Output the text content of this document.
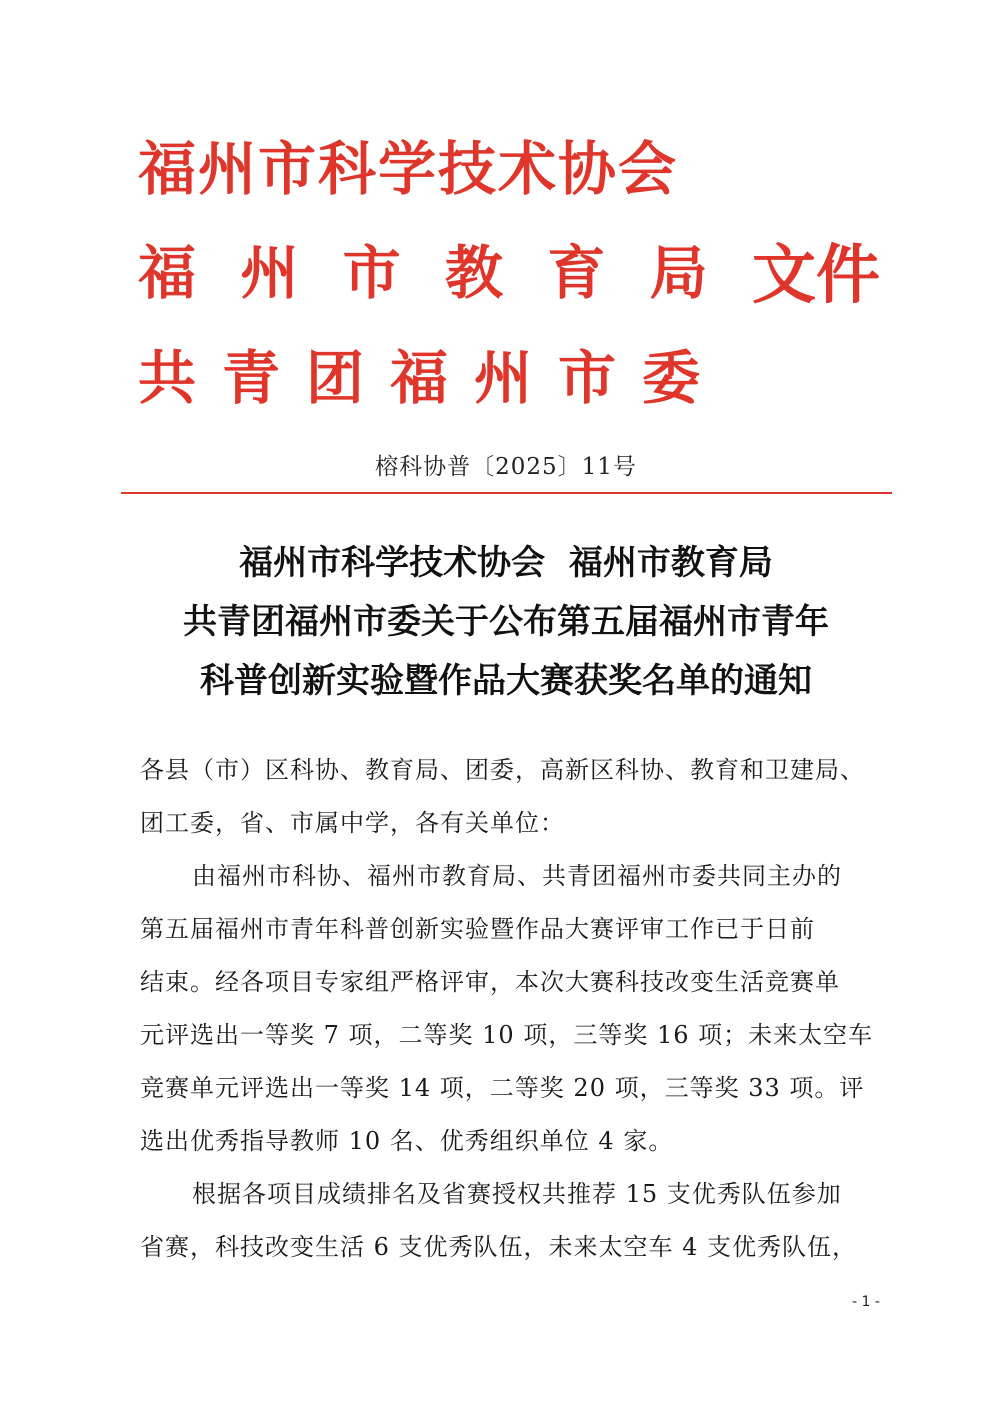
福州市科学技术协会
福 州 市 教 育 局 文件
共青团福州市委
榕科协普〔2025〕11号
福州市科学技术协会  福州市教育局
共青团福州市委关于公布第五届福州市青年
科普创新实验暨作品大赛获奖名单的通知
各县（市）区科协、教育局、团委，高新区科协、教育和卫建局、
团工委，省、市属中学，各有关单位：
由福州市科协、福州市教育局、共青团福州市委共同主办的
第五届福州市青年科普创新实验暨作品大赛评审工作已于日前
结束。经各项目专家组严格评审，本次大赛科技改变生活竞赛单
元评选出一等奖 7 项，二等奖 10 项，三等奖 16 项；未来太空车
竞赛单元评选出一等奖 14 项，二等奖 20 项，三等奖 33 项。评
选出优秀指导教师 10 名、优秀组织单位 4 家。
根据各项目成绩排名及省赛授权共推荐 15 支优秀队伍参加
省赛，科技改变生活 6 支优秀队伍，未来太空车 4 支优秀队伍，
- 1 -
